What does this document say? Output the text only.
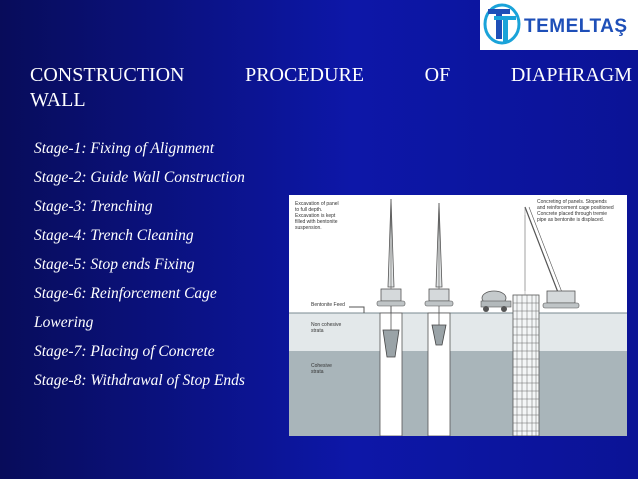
TEMELTAŞ
CONSTRUCTION	PROCEDURE	OF	DIAPHRAGM
WALL
Stage-1: Fixing of Alignment
Stage-2: Guide Wall Construction
Stage-3: Trenching
Stage-4: Trench Cleaning
Stage-5: Stop ends Fixing
Stage-6: Reinforcement Cage
Lowering
Stage-7: Placing of Concrete
Stage-8: Withdrawal of Stop Ends
Excavation of panel
to full depth.
Excavation is kept
filled with bentonite
suspension.
Concreting of panels. Stopends
and reinforcement cage positioned
Concrete placed through tremie
pipe as bentonite is displaced.
Bentonite Feed
Non cohesive
strata
Cohesive
strata
